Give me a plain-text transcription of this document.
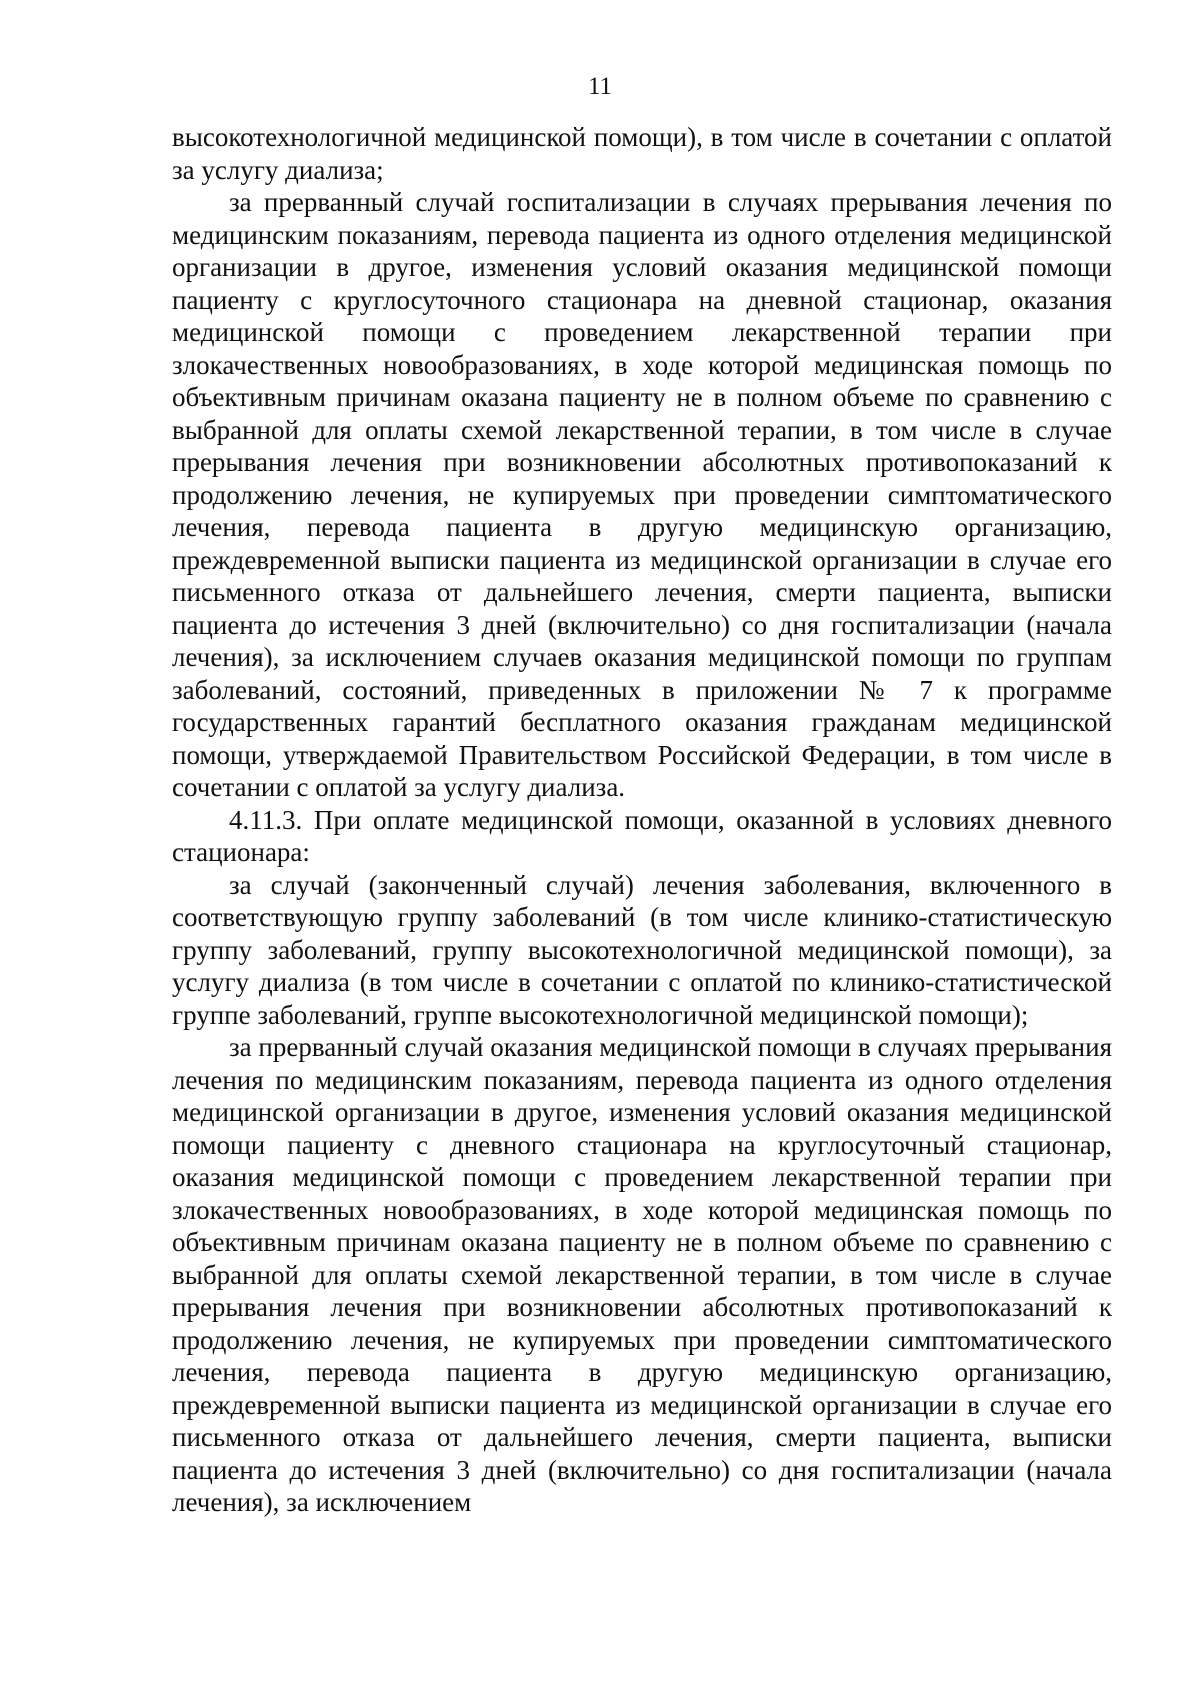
11

высокотехнологичной медицинской помощи), в том числе в сочетании с оплатой за услугу диализа;

за прерванный случай госпитализации в случаях прерывания лечения по медицинским показаниям, перевода пациента из одного отделения медицинской организации в другое, изменения условий оказания медицинской помощи пациенту с круглосуточного стационара на дневной стационар, оказания медицинской помощи с проведением лекарственной терапии при злокачественных новообразованиях, в ходе которой медицинская помощь по объективным причинам оказана пациенту не в полном объеме по сравнению с выбранной для оплаты схемой лекарственной терапии, в том числе в случае прерывания лечения при возникновении абсолютных противопоказаний к продолжению лечения, не купируемых при проведении симптоматического лечения, перевода пациента в другую медицинскую организацию, преждевременной выписки пациента из медицинской организации в случае его письменного отказа от дальнейшего лечения, смерти пациента, выписки пациента до истечения 3 дней (включительно) со дня госпитализации (начала лечения), за исключением случаев оказания медицинской помощи по группам заболеваний, состояний, приведенных в приложении № 7 к программе государственных гарантий бесплатного оказания гражданам медицинской помощи, утверждаемой Правительством Российской Федерации, в том числе в сочетании с оплатой за услугу диализа.

4.11.3. При оплате медицинской помощи, оказанной в условиях дневного стационара:

за случай (законченный случай) лечения заболевания, включенного в соответствующую группу заболеваний (в том числе клинико-статистическую группу заболеваний, группу высокотехнологичной медицинской помощи), за услугу диализа (в том числе в сочетании с оплатой по клинико-статистической группе заболеваний, группе высокотехнологичной медицинской помощи);

за прерванный случай оказания медицинской помощи в случаях прерывания лечения по медицинским показаниям, перевода пациента из одного отделения медицинской организации в другое, изменения условий оказания медицинской помощи пациенту с дневного стационара на круглосуточный стационар, оказания медицинской помощи с проведением лекарственной терапии при злокачественных новообразованиях, в ходе которой медицинская помощь по объективным причинам оказана пациенту не в полном объеме по сравнению с выбранной для оплаты схемой лекарственной терапии, в том числе в случае прерывания лечения при возникновении абсолютных противопоказаний к продолжению лечения, не купируемых при проведении симптоматического лечения, перевода пациента в другую медицинскую организацию, преждевременной выписки пациента из медицинской организации в случае его письменного отказа от дальнейшего лечения, смерти пациента, выписки пациента до истечения 3 дней (включительно) со дня госпитализации (начала лечения), за исключением
